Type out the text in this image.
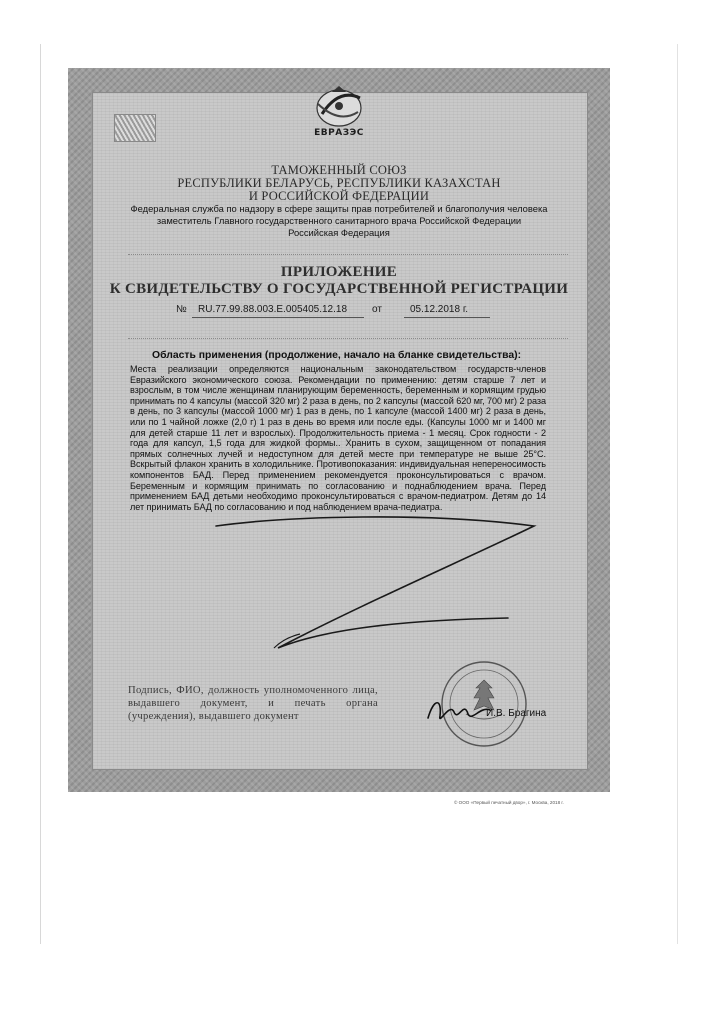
ЕВРАЗЭС
ТАМОЖЕННЫЙ СОЮЗ
РЕСПУБЛИКИ БЕЛАРУСЬ, РЕСПУБЛИКИ КАЗАХСТАН
И РОССИЙСКОЙ ФЕДЕРАЦИИ
Федеральная служба по надзору в сфере защиты прав потребителей и благополучия человека
заместитель Главного государственного санитарного врача Российской Федерации
Российская Федерация
ПРИЛОЖЕНИЕ
К СВИДЕТЕЛЬСТВУ О ГОСУДАРСТВЕННОЙ РЕГИСТРАЦИИ
№ RU.77.99.88.003.E.005405.12.18 от	05.12.2018 г.
Область применения (продолжение, начало на бланке свидетельства):
Места реализации определяются национальным законодательством государств-членов Евразийского экономического союза. Рекомендации по применению: детям старше 7 лет и взрослым, в том числе женщинам планирующим беременность, беременным и кормящим грудью принимать по 4 капсулы (массой 320 мг) 2 раза в день, по 2 капсулы (массой 620 мг, 700 мг) 2 раза в день, по 3 капсулы (массой 1000 мг) 1 раз в день, по 1 капсуле (массой 1400 мг) 2 раза в день, или по 1 чайной ложке (2,0 г) 1 раз в день во время или после еды. (Капсулы 1000 мг и 1400 мг для детей старше 11 лет и взрослых). Продолжительность приема - 1 месяц. Срок годности - 2 года для капсул, 1,5 года для жидкой формы.. Хранить в сухом, защищенном от попадания прямых солнечных лучей и недоступном для детей месте при температуре не выше 25°С. Вскрытый флакон хранить в холодильнике. Противопоказания: индивидуальная непереносимость компонентов БАД. Перед применением рекомендуется проконсультироваться с врачом. Беременным и кормящим принимать по согласованию и поднаблюдением врача. Перед применением БАД детьми необходимо проконсультироваться с врачом-педиатром. Детям до 14 лет принимать БАД по согласованию и под наблюдением врача-педиатра.
Подпись, ФИО, должность уполномоченного лица, выдавшего документ, и печать органа (учреждения), выдавшего документ	И.В. Брагина
© ООО «Первый печатный двор», г. Москва, 2018 г.
